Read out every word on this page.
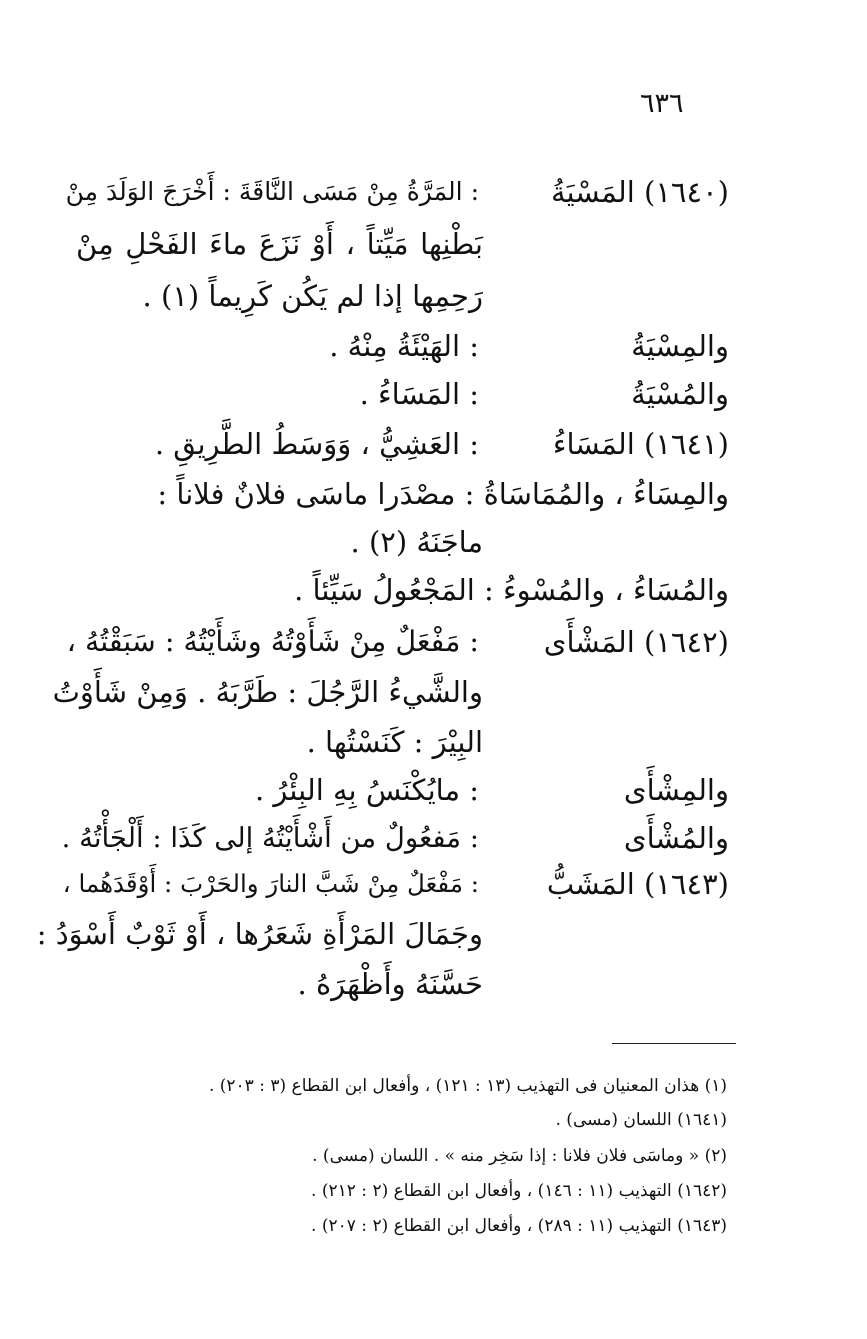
٦٣٦
(١٦٤٠) المَسْيَةُ
: المَرَّةُ مِنْ مَسَى النَّاقَةَ : أَخْرَجَ الوَلَدَ مِنْ
بَطْنِها مَيِّتاً ، أَوْ نَزَعَ ماءَ الفَحْلِ مِنْ
رَحِمِها إذا لم يَكُن كَرِيماً (١) .
والمِسْيَةُ
: الهَيْئَةُ مِنْهُ .
والمُسْيَةُ
: المَسَاءُ .
(١٦٤١) المَسَاءُ
: العَشِيُّ ، وَوَسَطُ الطَّرِيقِ .
والمِسَاءُ ، والمُمَاسَاةُ : مصْدَرا ماسَى فلانٌ فلاناً :
ماجَنَهُ (٢) .
والمُسَاءُ ، والمُسْوءُ : المَجْعُولُ سَيِّئاً .
(١٦٤٢) المَشْأَى
: مَفْعَلٌ مِنْ شَأَوْتُهُ وشَأَيْتُهُ : سَبَقْتُهُ ،
والشَّيءُ الرَّجُلَ : طَرَّبَهُ . وَمِنْ شَأَوْتُ
البِيْرَ : كَنَسْتُها .
والمِشْأَى
: مايُكْنَسُ بِهِ البِئْرُ .
والمُشْأَى
: مَفعُولٌ من أَشْأَيْتُهُ إلى كَذَا : أَلْجَأْتُهُ .
(١٦٤٣) المَشَبُّ
: مَفْعَلٌ مِنْ شَبَّ النارَ والحَرْبَ : أَوْقَدَهُما ،
وجَمَالَ المَرْأَةِ شَعَرُها ، أَوْ ثَوْبٌ أَسْوَدُ :
حَسَّنَهُ وأَظْهَرَهُ .
(١) هذان المعنيان فى التهذيب (١٣ : ١٢١) ، وأفعال ابن القطاع (٣ : ٢٠٣) .
(١٦٤١) اللسان (مسى) .
(٢) « وماسَى فلان فلانا : إذا سَخِر منه » . اللسان (مسى) .
(١٦٤٢) التهذيب (١١ : ١٤٦) ، وأفعال ابن القطاع (٢ : ٢١٢) .
(١٦٤٣) التهذيب (١١ : ٢٨٩) ، وأفعال ابن القطاع (٢ : ٢٠٧) .
